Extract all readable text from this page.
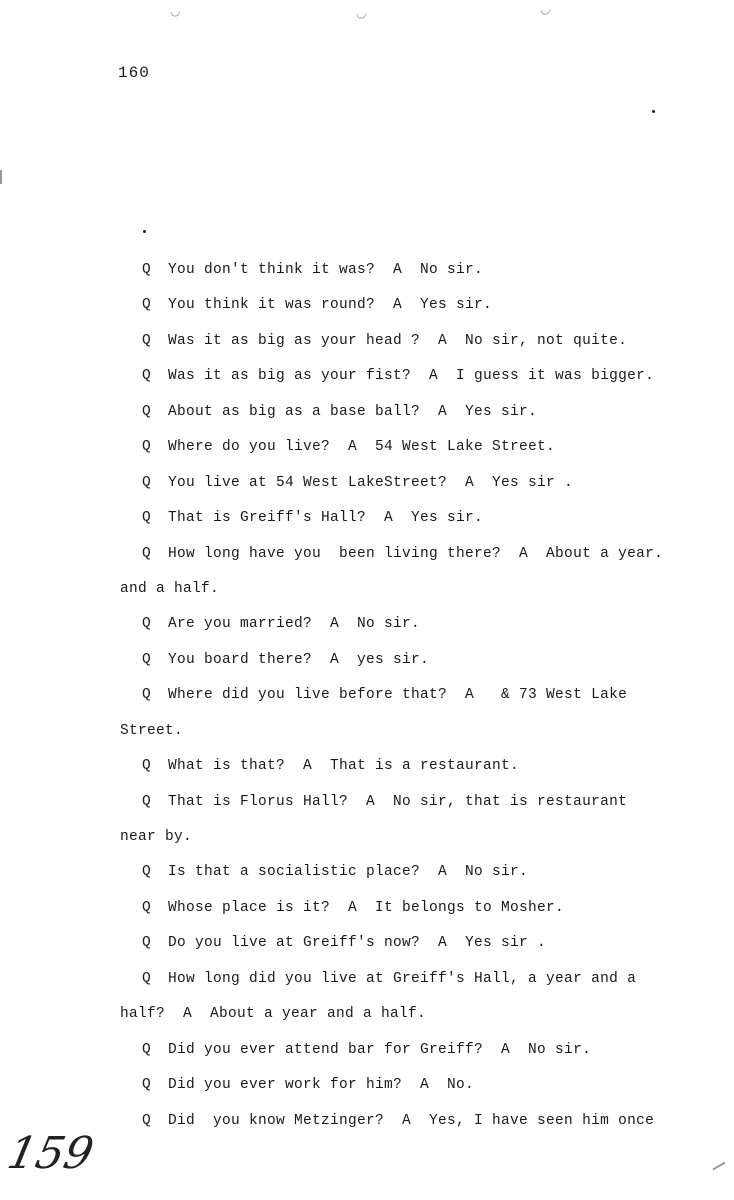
◡	◡	◡
160
Q You don't think it was?  A  No sir.
Q You think it was round?  A  Yes sir.
Q Was it as big as your head ?  A  No sir, not quite.
Q Was it as big as your fist?  A  I guess it was bigger.
Q About as big as a base ball?  A  Yes sir.
Q Where do you live?  A  54 West Lake Street.
Q You live at 54 West LakeStreet?  A  Yes sir .
Q That is Greiff's Hall?  A  Yes sir.
Q How long have you  been living there?  A  About a year.
and a half.
Q Are you married?  A  No sir.
Q You board there?  A  yes sir.
Q Where did you live before that?  A   & 73 West Lake
Street.
Q What is that?  A  That is a restaurant.
Q That is Florus Hall?  A  No sir, that is restaurant
near by.
Q Is that a socialistic place?  A  No sir.
Q Whose place is it?  A  It belongs to Mosher.
Q Do you live at Greiff's now?  A  Yes sir .
Q How long did you live at Greiff's Hall, a year and a
half?  A  About a year and a half.
Q Did you ever attend bar for Greiff?  A  No sir.
Q Did you ever work for him?  A  No.
Q Did  you know Metzinger?  A  Yes, I have seen him once
159
